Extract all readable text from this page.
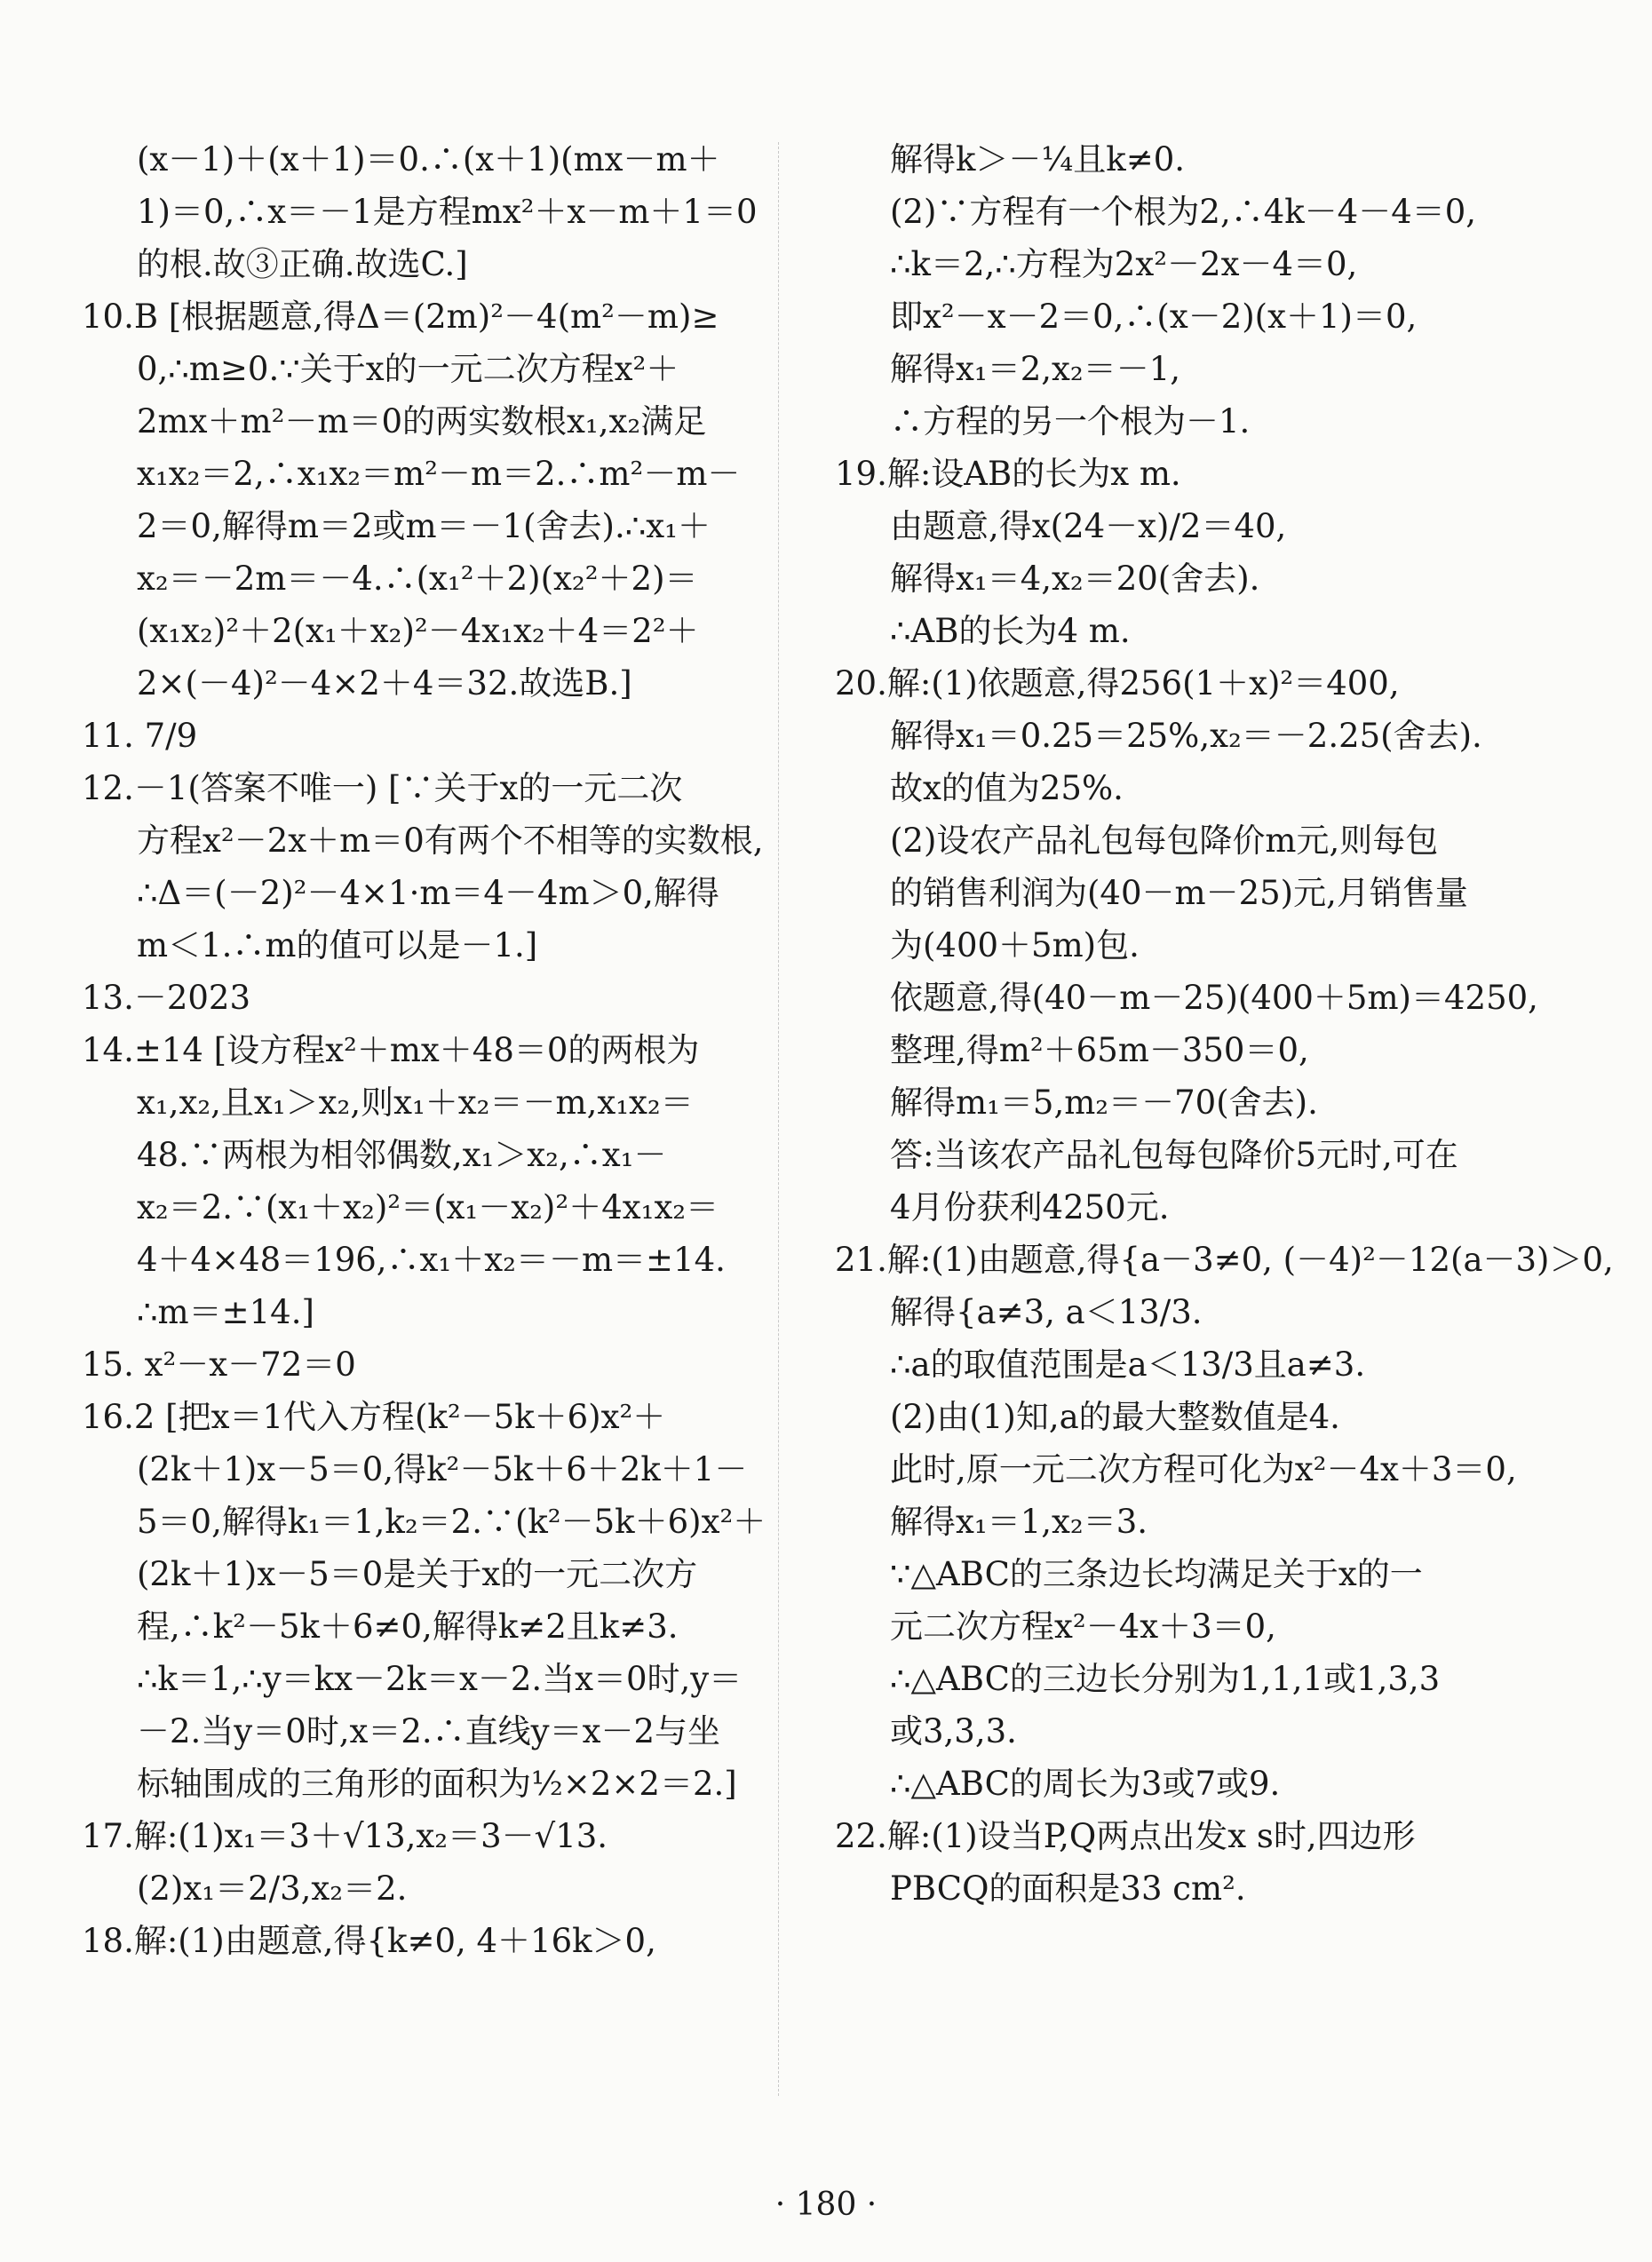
(x－1)＋(x＋1)＝0.∴(x＋1)(mx－m＋
1)＝0,∴x＝－1是方程mx²＋x－m＋1＝0
的根.故③正确.故选C.]
10.B [根据题意,得Δ＝(2m)²－4(m²－m)≥
0,∴m≥0.∵关于x的一元二次方程x²＋
2mx＋m²－m＝0的两实数根x₁,x₂满足
x₁x₂＝2,∴x₁x₂＝m²－m＝2.∴m²－m－
2＝0,解得m＝2或m＝－1(舍去).∴x₁＋
x₂＝－2m＝－4.∴(x₁²＋2)(x₂²＋2)＝
(x₁x₂)²＋2(x₁＋x₂)²－4x₁x₂＋4＝2²＋
2×(－4)²－4×2＋4＝32.故选B.]
11. 7/9
12.－1(答案不唯一) [∵关于x的一元二次
方程x²－2x＋m＝0有两个不相等的实数根,
∴Δ＝(－2)²－4×1·m＝4－4m＞0,解得
m＜1.∴m的值可以是－1.]
13.－2023
14.±14 [设方程x²＋mx＋48＝0的两根为
x₁,x₂,且x₁＞x₂,则x₁＋x₂＝－m,x₁x₂＝
48.∵两根为相邻偶数,x₁＞x₂,∴x₁－
x₂＝2.∵(x₁＋x₂)²＝(x₁－x₂)²＋4x₁x₂＝
4＋4×48＝196,∴x₁＋x₂＝－m＝±14.
∴m＝±14.]
15. x²－x－72＝0
16.2 [把x＝1代入方程(k²－5k＋6)x²＋
(2k＋1)x－5＝0,得k²－5k＋6＋2k＋1－
5＝0,解得k₁＝1,k₂＝2.∵(k²－5k＋6)x²＋
(2k＋1)x－5＝0是关于x的一元二次方
程,∴k²－5k＋6≠0,解得k≠2且k≠3.
∴k＝1,∴y＝kx－2k＝x－2.当x＝0时,y＝
－2.当y＝0时,x＝2.∴直线y＝x－2与坐
标轴围成的三角形的面积为½×2×2＝2.]
17.解:(1)x₁＝3＋√13,x₂＝3－√13.
(2)x₁＝2/3,x₂＝2.
18.解:(1)由题意,得{k≠0, 4＋16k＞0,
解得k＞－¼且k≠0.
(2)∵方程有一个根为2,∴4k－4－4＝0,
∴k＝2,∴方程为2x²－2x－4＝0,
即x²－x－2＝0,∴(x－2)(x＋1)＝0,
解得x₁＝2,x₂＝－1,
∴方程的另一个根为－1.
19.解:设AB的长为x m.
由题意,得x(24－x)/2＝40,
解得x₁＝4,x₂＝20(舍去).
∴AB的长为4 m.
20.解:(1)依题意,得256(1＋x)²＝400,
解得x₁＝0.25＝25%,x₂＝－2.25(舍去).
故x的值为25%.
(2)设农产品礼包每包降价m元,则每包
的销售利润为(40－m－25)元,月销售量
为(400＋5m)包.
依题意,得(40－m－25)(400＋5m)＝4250,
整理,得m²＋65m－350＝0,
解得m₁＝5,m₂＝－70(舍去).
答:当该农产品礼包每包降价5元时,可在
4月份获利4250元.
21.解:(1)由题意,得{a－3≠0, (－4)²－12(a－3)＞0,
解得{a≠3, a＜13/3.
∴a的取值范围是a＜13/3且a≠3.
(2)由(1)知,a的最大整数值是4.
此时,原一元二次方程可化为x²－4x＋3＝0,
解得x₁＝1,x₂＝3.
∵△ABC的三条边长均满足关于x的一
元二次方程x²－4x＋3＝0,
∴△ABC的三边长分别为1,1,1或1,3,3
或3,3,3.
∴△ABC的周长为3或7或9.
22.解:(1)设当P,Q两点出发x s时,四边形
PBCQ的面积是33 cm².
· 180 ·
